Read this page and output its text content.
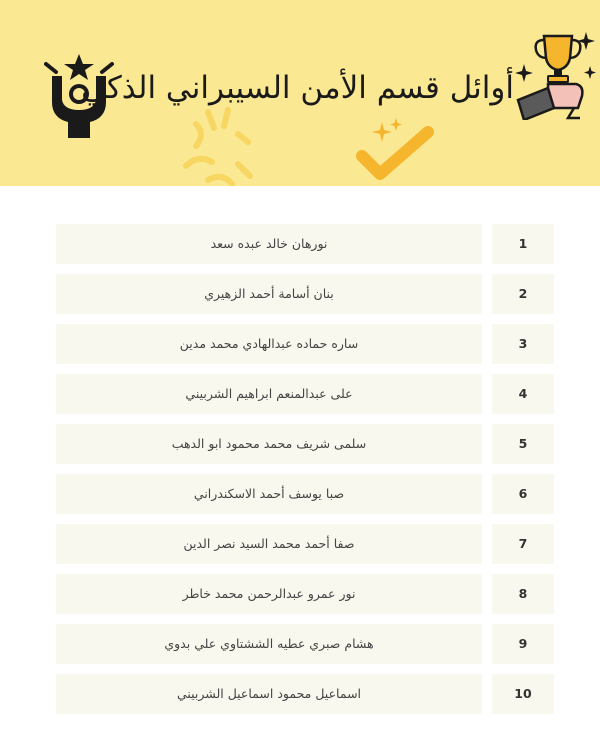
أوائل قسم الأمن السيبراني الذكي
نورهان خالد عبده سعد	1
بنان أسامة أحمد الزهيري	2
ساره حماده عبدالهادي محمد مدين	3
على عبدالمنعم ابراهيم الشربيني	4
سلمى شريف محمد محمود ابو الدهب	5
صبا يوسف أحمد الاسكندراني	6
صفا أحمد محمد السيد نصر الدين	7
نور عمرو عبدالرحمن محمد خاطر	8
هشام صبري عطيه الششتاوي علي بدوي	9
اسماعيل محمود اسماعيل الشربيني	10
